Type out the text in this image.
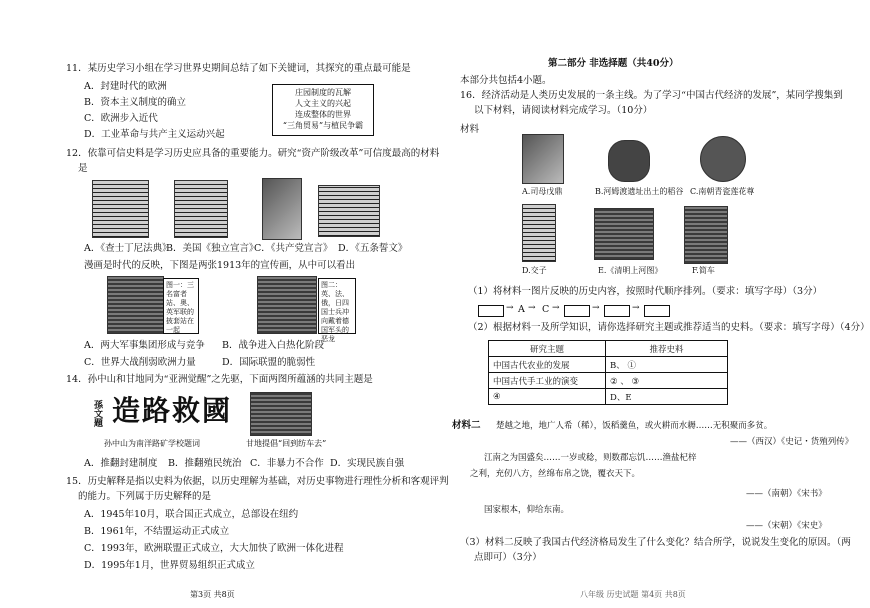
11．某历史学习小组在学习世界史期间总结了如下关键词，其探究的重点最可能是
A．封建时代的欧洲
B．资本主义制度的确立
C．欧洲步入近代
D．工业革命与共产主义运动兴起
庄园制度的瓦解
人文主义的兴起
连成整体的世界
“三角贸易”与植民争霸
12．依靠可信史料是学习历史应具备的重要能力。研究“资产阶级改革”可信度最高的材料
是
A．《查士丁尼法典》
B．美国《独立宣言》
C．《共产党宣言》 D．《五条誓文》
漫画是时代的反映，下图是两张1913年的宣传画，从中可以看出
图一：三名富者站、奥、英军联的披套站在一起
图二：英、法、俄，日四国士兵冲向戴着德国军头的恶龙
A．两大军事集团形成与竞争 B．战争进入白热化阶段
C．世界大战削弱欧洲力量	D．国际联盟的脆弱性
14．孙中山和甘地同为“亚洲觉醒”之先驱，下面两图所蕴涵的共同主题是
孫文題 造路救國
孙中山为南洋路矿学校题词	甘地提倡“回到纺车去”
A．推翻封建制度 B．推翻殖民统治 C．非暴力不合作 D．实现民族自强
15．历史解释是指以史料为依据，以历史理解为基础，对历史事物进行理性分析和客观评判
的能力。下列属于历史解释的是
A．1945年10月，联合国正式成立，总部设在纽约
B．1961年，不结盟运动正式成立
C．1993年，欧洲联盟正式成立，大大加快了欧洲一体化进程
D．1995年1月，世界贸易组织正式成立
第3页 共8页
第二部分 非选择题（共40分）
本部分共包括4小题。
16．经济活动是人类历史发展的一条主线。为了学习“中国古代经济的发展”，某同学搜集到
以下材料，请阅读材料完成学习。（10分）
材料
A.司母戊鼎	B.河姆渡遗址出土的稻谷 C.南朝青瓷莲花尊
D.交子	E.《清明上河图》	F.简车
（1）将材料一图片反映的历史内容，按照时代顺序排列。（要求：填写字母）（3分）
→ A → C →	→	→
（2）根据材料一及所学知识，请你选择研究主题或推荐适当的史料。（要求：填写字母）（4分）
研究主题	推荐史料
中国古代农业的发展	B、 ①
中国古代手工业的演变	② 、 ③
④	D、E
材料二 楚越之地，地广人希（稀），饭稻羹鱼，或火耕而水耨……无积聚而多贫。
——（西汉）《史记・货殖列传》
江南之为国盛矣……一岁或稔，则数郡忘饥……渔盐杞梓
之利，充仞八方，丝绵布帛之饶，覆衣天下。
——（南朝）《宋书》
国家根本，仰给东南。
——（宋朝）《宋史》
（3）材料二反映了我国古代经济格局发生了什么变化？结合所学，说说发生变化的原因。（两
点即可）（3分）
八年级 历史试题 第4页 共8页
